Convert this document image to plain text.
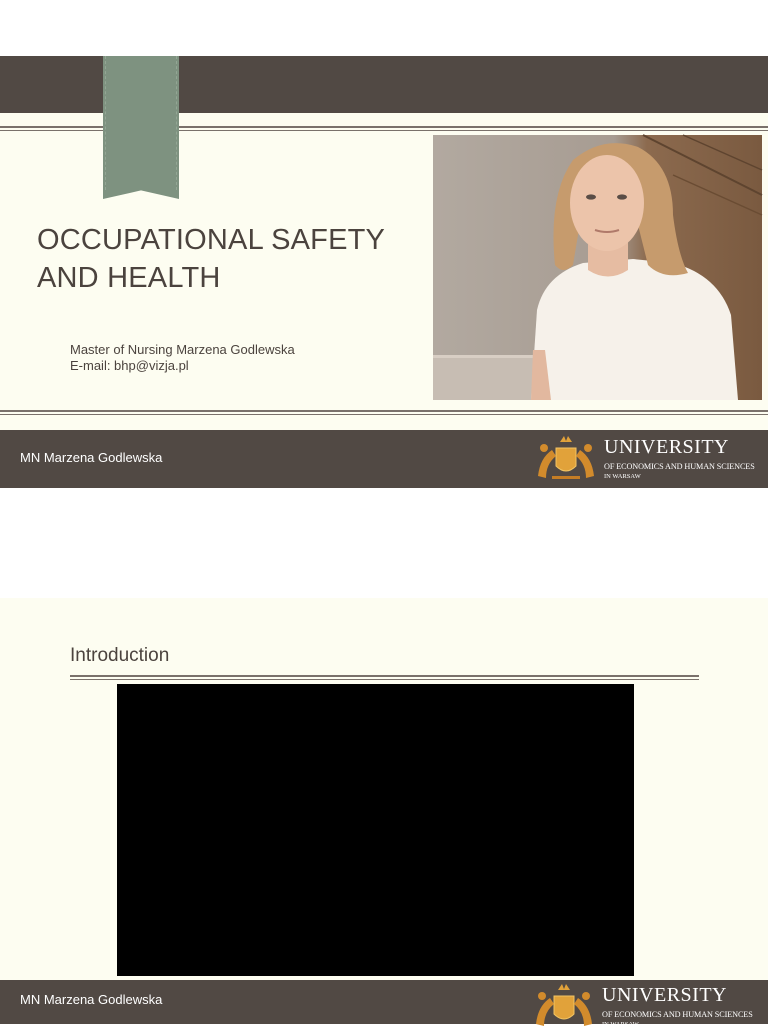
OCCUPATIONAL SAFETY
AND HEALTH
Master of Nursing Marzena Godlewska
E-mail: bhp@vizja.pl
MN Marzena Godlewska	UNIVERSITY
OF ECONOMICS AND HUMAN SCIENCES
IN WARSAW
Introduction
MN Marzena Godlewska	UNIVERSITY
OF ECONOMICS AND HUMAN SCIENCES
IN WARSAW
